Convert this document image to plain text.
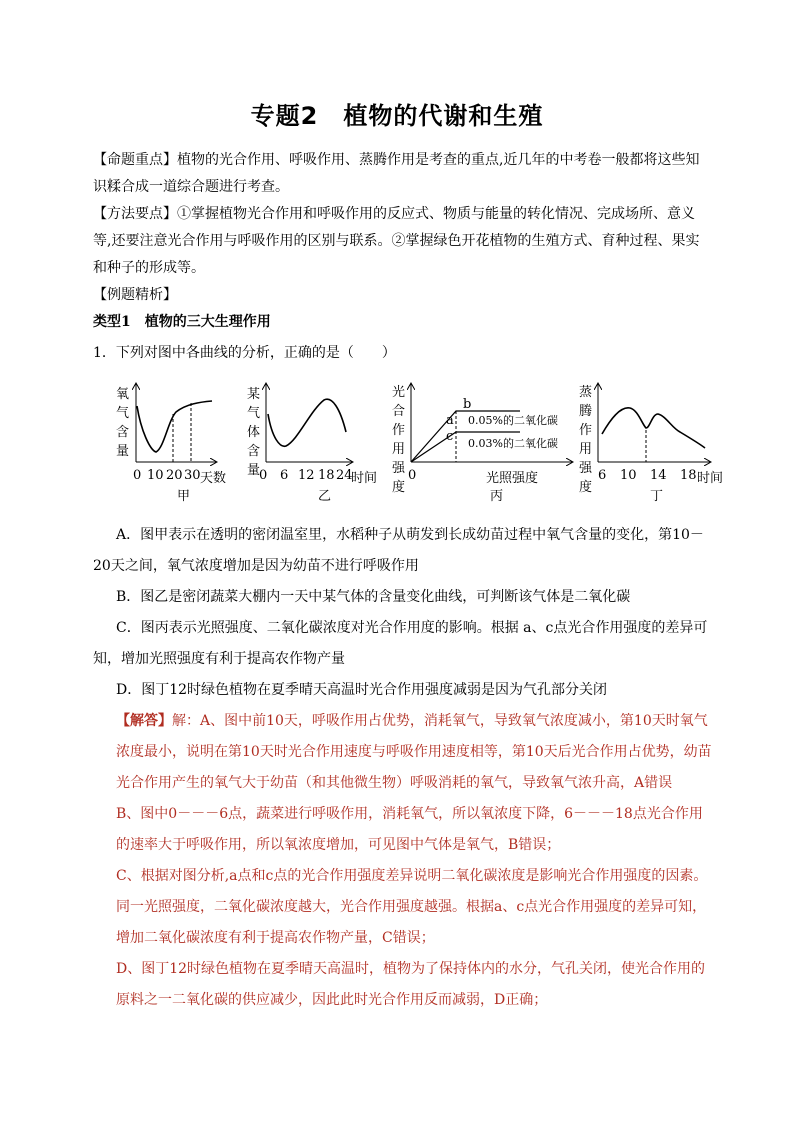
专题2　植物的代谢和生殖
【命题重点】植物的光合作用、呼吸作用、蒸腾作用是考查的重点,近几年的中考卷一般都将这些知识糅合成一道综合题进行考查。
【方法要点】①掌握植物光合作用和呼吸作用的反应式、物质与能量的转化情况、完成场所、意义等,还要注意光合作用与呼吸作用的区别与联系。②掌握绿色开花植物的生殖方式、育种过程、果实和种子的形成等。
【例题精析】
类型1　植物的三大生理作用
1．下列对图中各曲线的分析，正确的是（　　）
氧
气
含
量
0 10 20 30 天数
甲
某
气
体
含
量
0 6 12 18 24
时间
乙
光
合
作
用
强
度
a
b
c
0.05%的二氧化碳
0.03%的二氧化碳
0	光照强度
丙
蒸
腾
作
用
强
度
6 10 14 18 时间
丁
A．图甲表示在透明的密闭温室里，水稻种子从萌发到长成幼苗过程中氧气含量的变化，第10－20天之间，氧气浓度增加是因为幼苗不进行呼吸作用
B．图乙是密闭蔬菜大棚内一天中某气体的含量变化曲线，可判断该气体是二氧化碳
C．图丙表示光照强度、二氧化碳浓度对光合作用度的影响。根据 a、c点光合作用强度的差异可知，增加光照强度有利于提高农作物产量
D．图丁12时绿色植物在夏季晴天高温时光合作用强度减弱是因为气孔部分关闭
【解答】解：A、图中前10天，呼吸作用占优势，消耗氧气，导致氧气浓度减小，第10天时氧气浓度最小，说明在第10天时光合作用速度与呼吸作用速度相等，第10天后光合作用占优势，幼苗光合作用产生的氧气大于幼苗（和其他微生物）呼吸消耗的氧气，导致氧气浓升高，A错误
B、图中0－－－6点，蔬菜进行呼吸作用，消耗氧气，所以氧浓度下降，6－－－18点光合作用的速率大于呼吸作用，所以氧浓度增加，可见图中气体是氧气，B错误；
C、根据对图分析,a点和c点的光合作用强度差异说明二氧化碳浓度是影响光合作用强度的因素。同一光照强度，二氧化碳浓度越大，光合作用强度越强。根据a、c点光合作用强度的差异可知，增加二氧化碳浓度有利于提高农作物产量，C错误；
D、图丁12时绿色植物在夏季晴天高温时，植物为了保持体内的水分，气孔关闭，使光合作用的原料之一二氧化碳的供应减少，因此此时光合作用反而减弱，D正确；
